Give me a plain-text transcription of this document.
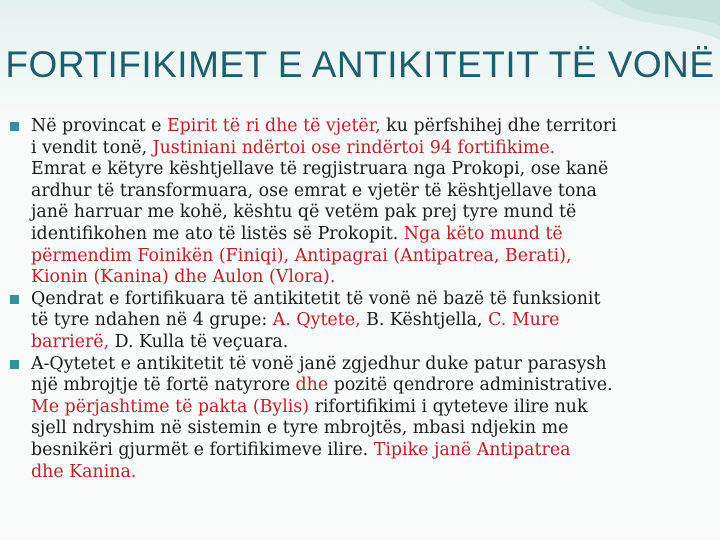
FORTIFIKIMET E ANTIKITETIT TË VONË
Në provincat e Epirit të ri dhe të vjetër, ku përfshihej dhe territori
i vendit tonë, Justiniani ndërtoi ose rindërtoi 94 fortifikime.
Emrat e këtyre kështjellave të regjistruara nga Prokopi, ose kanë
ardhur të transformuara, ose emrat e vjetër të kështjellave tona
janë harruar me kohë, kështu që vetëm pak prej tyre mund të
identifikohen me ato të listës së Prokopit. Nga këto mund të
përmendim Foinikën (Finiqi), Antipagrai (Antipatrea, Berati),
Kionin (Kanina) dhe Aulon (Vlora).
Qendrat e fortifikuara të antikitetit të vonë në bazë të funksionit
të tyre ndahen në 4 grupe: A. Qytete, B. Kështjella, C. Mure
barrierë, D. Kulla të veçuara.
A-Qytetet e antikitetit të vonë janë zgjedhur duke patur parasysh
një mbrojtje të fortë natyrore dhe pozitë qendrore administrative.
Me përjashtime të pakta (Bylis) rifortifikimi i qyteteve ilire nuk
sjell ndryshim në sistemin e tyre mbrojtës, mbasi ndjekin me
besnikëri gjurmët e fortifikimeve ilire. Tipike janë Antipatrea
dhe Kanina.
